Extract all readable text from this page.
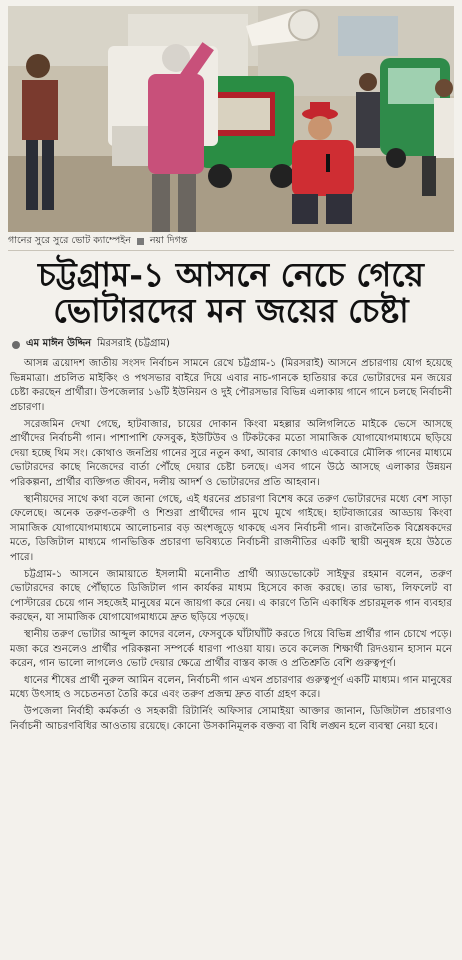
গানের সুরে সুরে ভোট ক্যাম্পেইন নয়া দিগন্ত
চট্টগ্রাম-১ আসনে নেচে গেয়ে
ভোটারদের মন জয়ের চেষ্টা
এম মাঈন উদ্দিন মিরসরাই (চট্টগ্রাম)

আসন্ন ত্রয়োদশ জাতীয় সংসদ নির্বাচন সামনে রেখে চট্টগ্রাম-১ (মিরসরাই) আসনে প্রচারণায় যোগ হয়েছে ভিন্নমাত্রা। প্রচলিত মাইকিং ও পথসভার বাইরে দিয়ে এবার নাচ-গানকে হাতিয়ার করে ভোটারদের মন জয়ের চেষ্টা করছেন প্রার্থীরা। উপজেলার ১৬টি ইউনিয়ন ও দুই পৌরসভার বিভিন্ন এলাকায় গানে গানে চলছে নির্বাচনী প্রচারণা।

সরেজমিন দেখা গেছে, হাটবাজার, চায়ের দোকান কিংবা মহল্লার অলিগলিতে মাইকে ভেসে আসছে প্রার্থীদের নির্বাচনী গান। পাশাপাশি ফেসবুক, ইউটিউব ও টিকটকের মতো সামাজিক যোগাযোগমাধ্যমে ছড়িয়ে দেয়া হচ্ছে থিম সং। কোথাও জনপ্রিয় গানের সুরে নতুন কথা, আবার কোথাও একেবারে মৌলিক গানের মাধ্যমে ভোটারদের কাছে নিজেদের বার্তা পৌঁছে দেয়ার চেষ্টা চলছে। এসব গানে উঠে আসছে এলাকার উন্নয়ন পরিকল্পনা, প্রার্থীর ব্যক্তিগত জীবন, দলীয় আদর্শ ও ভোটারদের প্রতি আহবান।

স্থানীয়দের সাথে কথা বলে জানা গেছে, এই ধরনের প্রচারণা বিশেষ করে তরুণ ভোটারদের মধ্যে বেশ সাড়া ফেলেছে। অনেক তরুণ-তরুণী ও শিশুরা প্রার্থীদের গান মুখে মুখে গাইছে। হাটবাজারের আড্ডায় কিংবা সামাজিক যোগাযোগমাধ্যমে আলোচনার বড় অংশজুড়ে থাকছে এসব নির্বাচনী গান। রাজনৈতিক বিশ্লেষকদের মতে, ডিজিটাল মাধ্যমে গানভিত্তিক প্রচারণা ভবিষ্যতে নির্বাচনী রাজনীতির একটি স্থায়ী অনুষঙ্গ হয়ে উঠতে পারে।

চট্টগ্রাম-১ আসনে জামায়াতে ইসলামী মনোনীত প্রার্থী অ্যাডভোকেট সাইফুর রহমান বলেন, তরুণ ভোটারদের কাছে পৌঁছাতে ডিজিটাল গান কার্যকর মাধ্যম হিসেবে কাজ করছে। তার ভাষ্য, লিফলেট বা পোস্টারের চেয়ে গান সহজেই মানুষের মনে জায়গা করে নেয়। এ কারণে তিনি একাধিক প্রচারমূলক গান ব্যবহার করছেন, যা সামাজিক যোগাযোগমাধ্যমে দ্রুত ছড়িয়ে পড়ছে।

স্থানীয় তরুণ ভোটার আব্দুল কাদের বলেন, ফেসবুকে ঘাঁটাঘাঁটি করতে গিয়ে বিভিন্ন প্রার্থীর গান চোখে পড়ে। মজা করে শুনলেও প্রার্থীর পরিকল্পনা সম্পর্কে ধারণা পাওয়া যায়। তবে কলেজ শিক্ষার্থী রিদওয়ান হাসান মনে করেন, গান ভালো লাগলেও ভোট দেয়ার ক্ষেত্রে প্রার্থীর বাস্তব কাজ ও প্রতিশ্রুতি বেশি গুরুত্বপূর্ণ।

ধানের শীষের প্রার্থী নুরুল আমিন বলেন, নির্বাচনী গান এখন প্রচারণার গুরুত্বপূর্ণ একটি মাধ্যম। গান মানুষের মধ্যে উৎসাহ ও সচেতনতা তৈরি করে এবং তরুণ প্রজন্ম দ্রুত বার্তা গ্রহণ করে।

উপজেলা নির্বাহী কর্মকর্তা ও সহকারী রিটার্নিং অফিসার সোমাইয়া আক্তার জানান, ডিজিটাল প্রচারণাও নির্বাচনী আচরণবিধির আওতায় রয়েছে। কোনো উসকানিমূলক বক্তব্য বা বিধি লঙ্ঘন হলে ব্যবস্থা নেয়া হবে।
